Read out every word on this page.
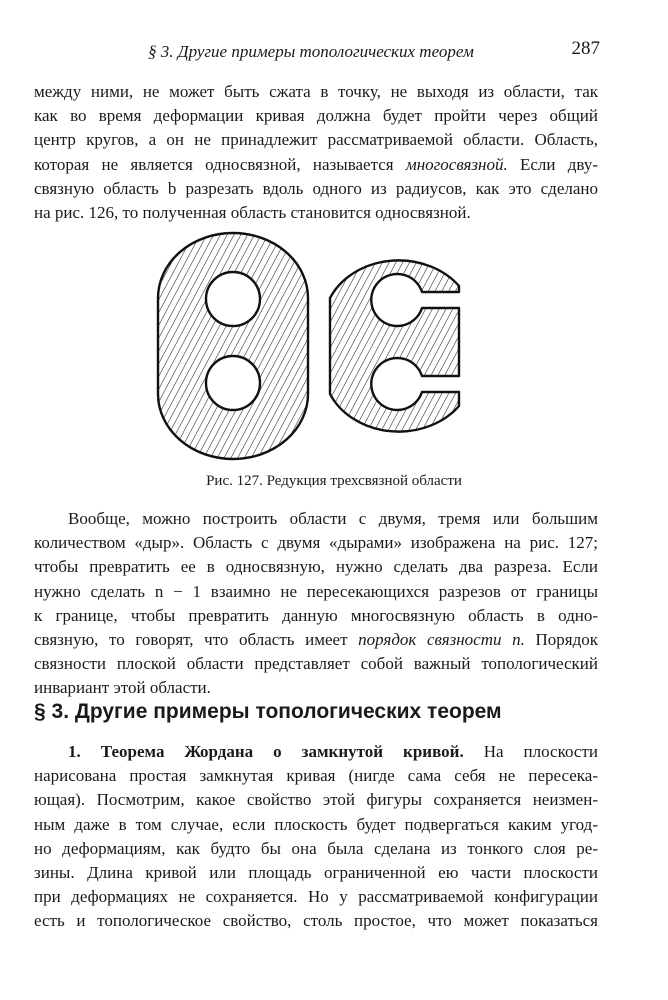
§ 3. Другие примеры топологических теорем	287
между ними, не может быть сжата в точку, не выходя из области, так
как во время деформации кривая должна будет пройти через общий
центр кругов, а он не принадлежит рассматриваемой области. Область,
которая не является односвязной, называется многосвязной. Если дву-
связную область b разрезать вдоль одного из радиусов, как это сделано
на рис. 126, то полученная область становится односвязной.
Рис. 127. Редукция трехсвязной области
Вообще, можно построить области с двумя, тремя или большим
количеством «дыр». Область с двумя «дырами» изображена на рис. 127;
чтобы превратить ее в односвязную, нужно сделать два разреза. Если
нужно сделать n − 1 взаимно не пересекающихся разрезов от границы
к границе, чтобы превратить данную многосвязную область в одно-
связную, то говорят, что область имеет порядок связности n. Порядок
связности плоской области представляет собой важный топологический
инвариант этой области.
§ 3. Другие примеры топологических теорем
1. Теорема Жордана о замкнутой кривой. На плоскости
нарисована простая замкнутая кривая (нигде сама себя не пересека-
ющая). Посмотрим, какое свойство этой фигуры сохраняется неизмен-
ным даже в том случае, если плоскость будет подвергаться каким угод-
но деформациям, как будто бы она была сделана из тонкого слоя ре-
зины. Длина кривой или площадь ограниченной ею части плоскости
при деформациях не сохраняется. Но у рассматриваемой конфигурации
есть и топологическое свойство, столь простое, что может показаться
